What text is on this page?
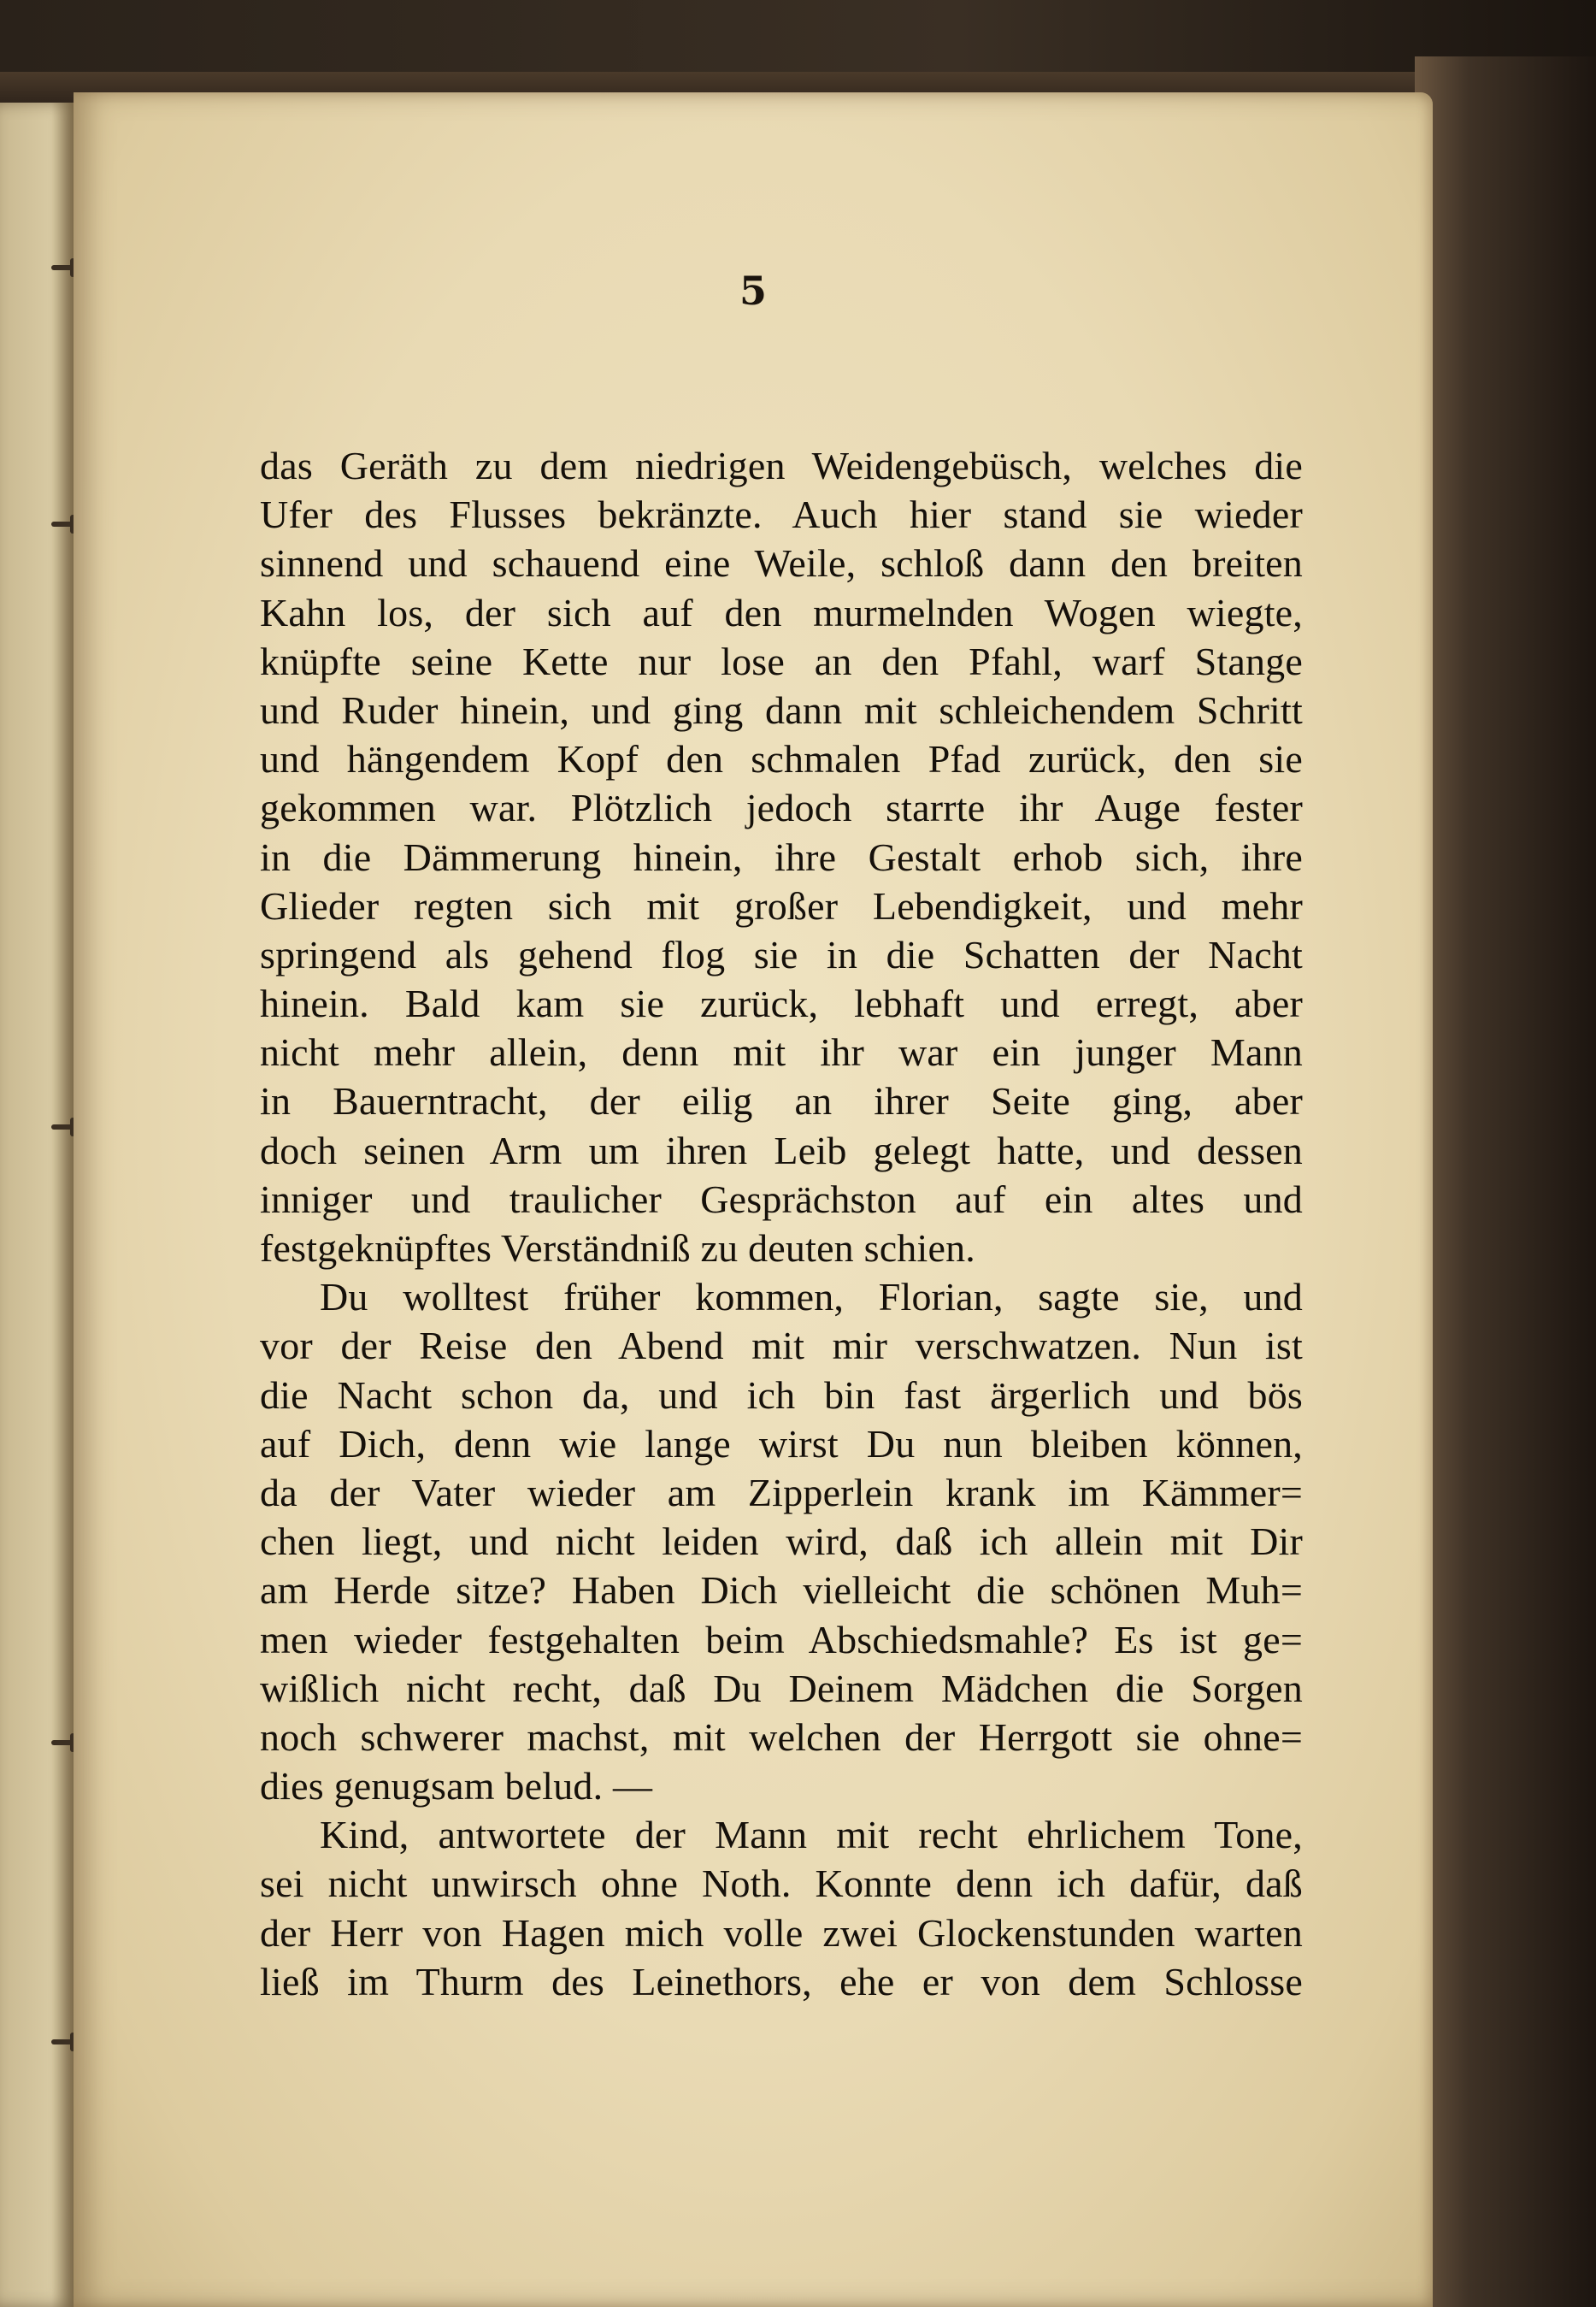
5
das Geräth zu dem niedrigen Weidengebüsch, welches die
Ufer des Flusses bekränzte. Auch hier stand sie wieder
sinnend und schauend eine Weile, schloß dann den breiten
Kahn los, der sich auf den murmelnden Wogen wiegte,
knüpfte seine Kette nur lose an den Pfahl, warf Stange
und Ruder hinein, und ging dann mit schleichendem Schritt
und hängendem Kopf den schmalen Pfad zurück, den sie
gekommen war. Plötzlich jedoch starrte ihr Auge fester
in die Dämmerung hinein, ihre Gestalt erhob sich, ihre
Glieder regten sich mit großer Lebendigkeit, und mehr
springend als gehend flog sie in die Schatten der Nacht
hinein. Bald kam sie zurück, lebhaft und erregt, aber
nicht mehr allein, denn mit ihr war ein junger Mann
in Bauerntracht, der eilig an ihrer Seite ging, aber
doch seinen Arm um ihren Leib gelegt hatte, und dessen
inniger und traulicher Gesprächston auf ein altes und
festgeknüpftes Verständniß zu deuten schien.
Du wolltest früher kommen, Florian, sagte sie, und
vor der Reise den Abend mit mir verschwatzen. Nun ist
die Nacht schon da, und ich bin fast ärgerlich und bös
auf Dich, denn wie lange wirst Du nun bleiben können,
da der Vater wieder am Zipperlein krank im Kämmer=
chen liegt, und nicht leiden wird, daß ich allein mit Dir
am Herde sitze? Haben Dich vielleicht die schönen Muh=
men wieder festgehalten beim Abschiedsmahle? Es ist ge=
wißlich nicht recht, daß Du Deinem Mädchen die Sorgen
noch schwerer machst, mit welchen der Herrgott sie ohne=
dies genugsam belud. —
Kind, antwortete der Mann mit recht ehrlichem Tone,
sei nicht unwirsch ohne Noth. Konnte denn ich dafür, daß
der Herr von Hagen mich volle zwei Glockenstunden warten
ließ im Thurm des Leinethors, ehe er von dem Schlosse
